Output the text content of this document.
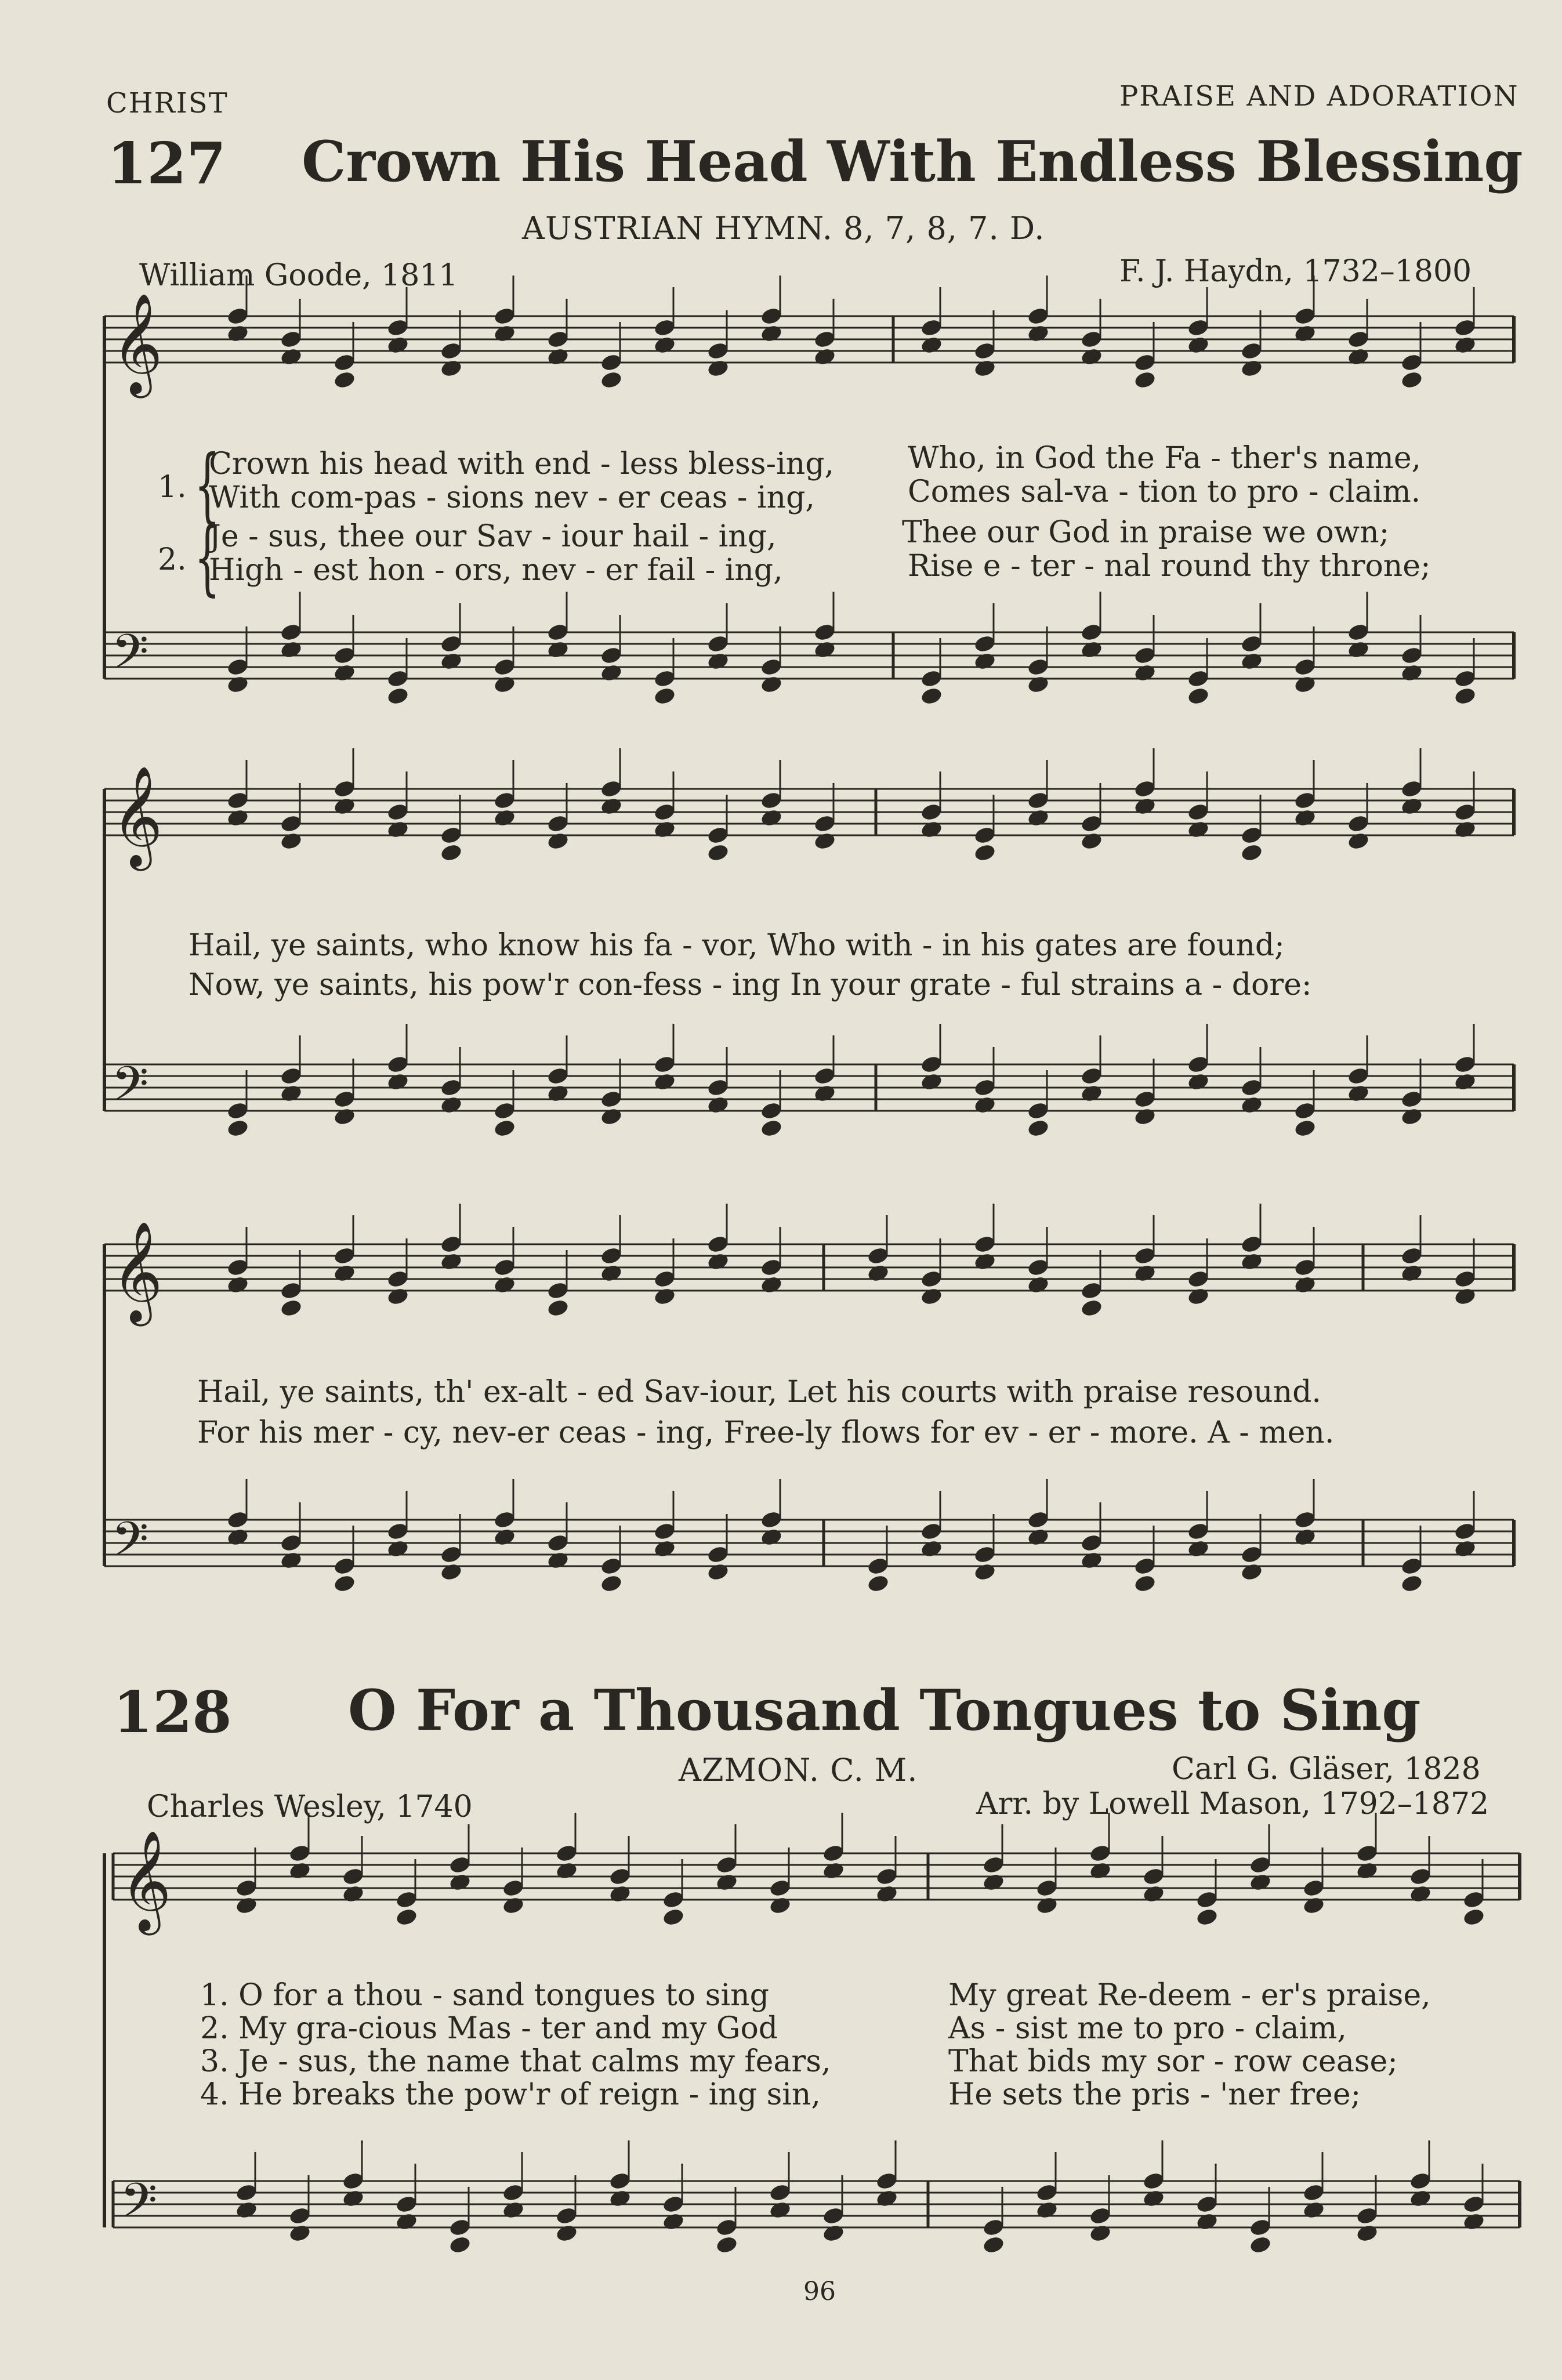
CHRIST	PRAISE AND ADORATION
127 Crown His Head With Endless Blessing
AUSTRIAN HYMN. 8, 7, 8, 7. D.
William Goode, 1811	F. J. Haydn, 1732–1800
𝄞
𝄢
𝄞
𝄢
𝄞
𝄢
𝄞
𝄢
1. {
Crown his head with end - less bless-ing, Who, in God the Fa - ther's name,
With com-pas - sions nev - er ceas - ing,	Comes sal-va - tion to pro - claim.
2. {
Je - sus, thee our Sav - iour hail - ing,	Thee our God in praise we own;
High - est hon - ors, nev - er fail - ing,	Rise e - ter - nal round thy throne;
Hail, ye saints, who know his fa - vor, Who with - in his gates are found;
Now, ye saints, his pow'r con-fess - ing In your grate - ful strains a - dore:
Hail, ye saints, th' ex-alt - ed Sav-iour, Let his courts with praise resound.
For his mer - cy, nev-er ceas - ing, Free-ly flows for ev - er - more. A - men.
128 O For a Thousand Tongues to Sing
AZMON. C. M.	Carl G. Gläser, 1828
Charles Wesley, 1740	Arr. by Lowell Mason, 1792–1872
1. O for a thou - sand tongues to sing	My great Re-deem - er's praise,
2. My gra-cious Mas - ter and my God	As - sist me to pro - claim,
3. Je - sus, the name that calms my fears,	That bids my sor - row cease;
4. He breaks the pow'r of reign - ing sin,	He sets the pris - 'ner free;
96
